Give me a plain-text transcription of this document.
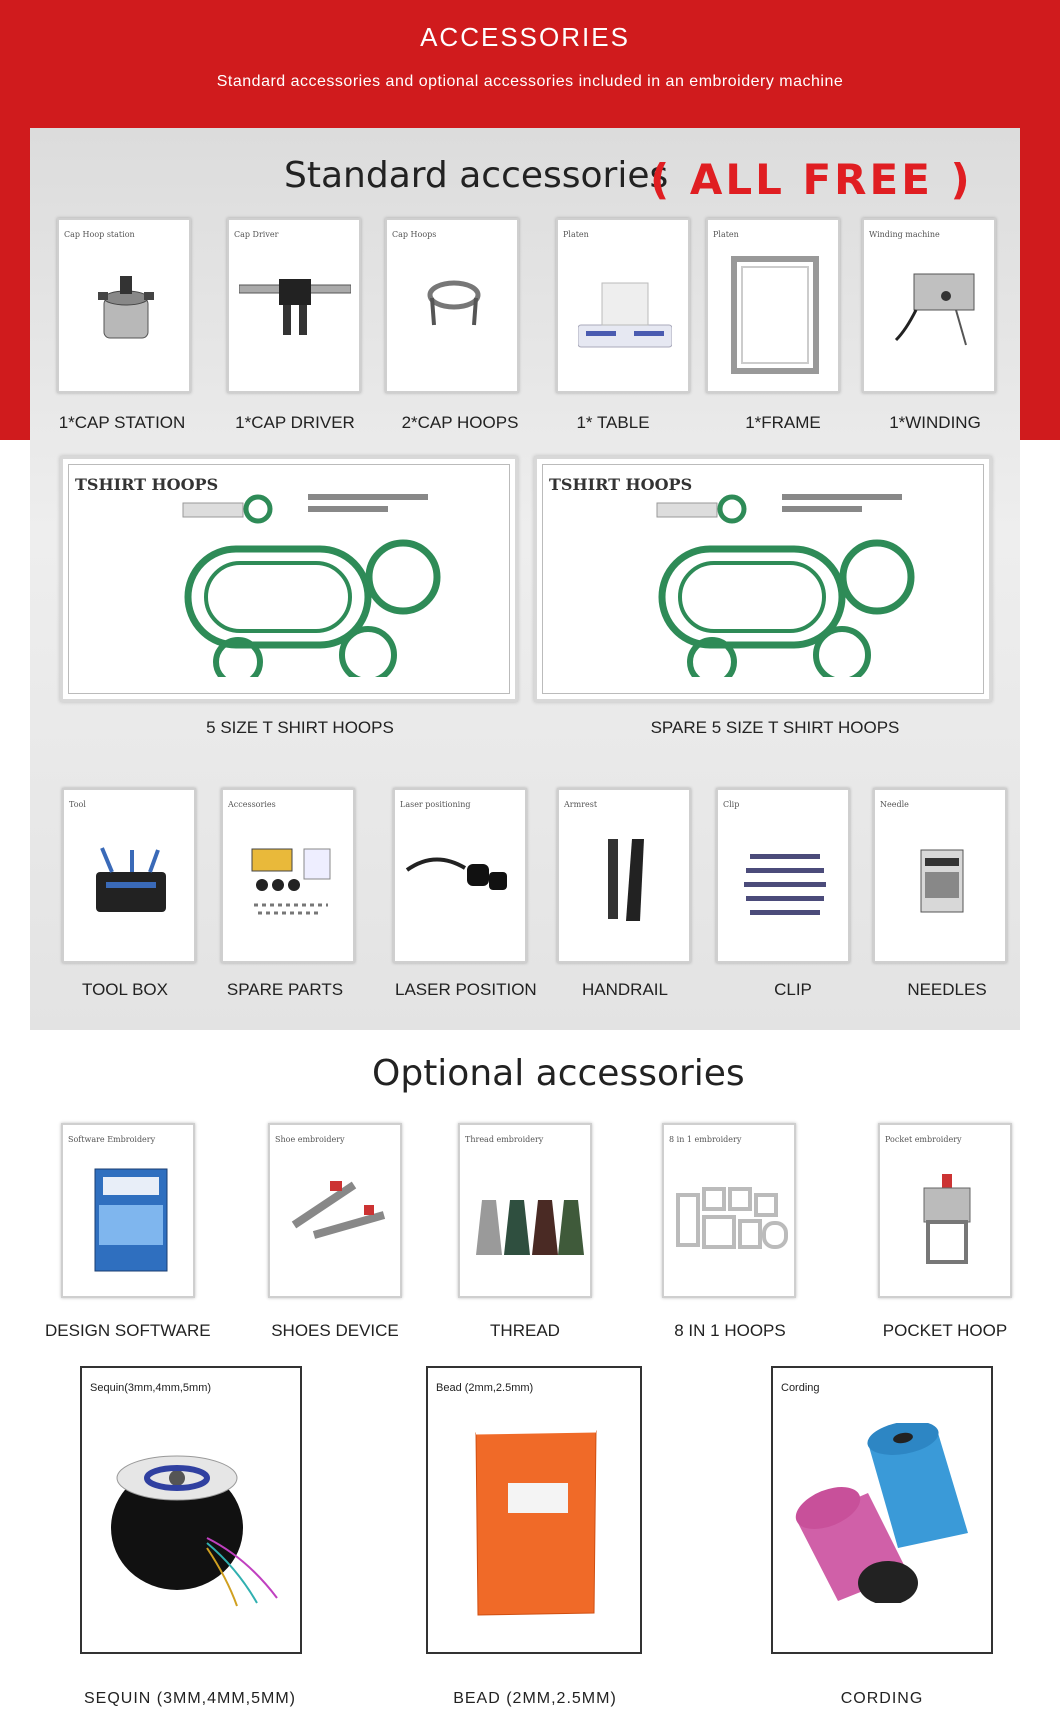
ACCESSORIES
Standard accessories and optional accessories included in an embroidery machine
Standard accessories
( ALL FREE )
Cap Hoop station
1*CAP STATION
Cap Driver
1*CAP DRIVER
Cap Hoops
2*CAP HOOPS
Platen
1* TABLE
Platen
1*FRAME
Winding machine
1*WINDING
TSHIRT HOOPS
5 SIZE T SHIRT HOOPS
TSHIRT HOOPS
SPARE 5 SIZE T SHIRT HOOPS
Tool
TOOL BOX
Accessories
SPARE PARTS
Laser positioning
LASER POSITION
Armrest
HANDRAIL
Clip
CLIP
Needle
NEEDLES
Optional accessories
Software Embroidery
DESIGN SOFTWARE
Shoe embroidery
SHOES DEVICE
Thread embroidery
THREAD
8 in 1 embroidery
8 IN 1 HOOPS
Pocket embroidery
POCKET HOOP
Sequin(3mm,4mm,5mm)
SEQUIN (3MM,4MM,5MM)
Bead (2mm,2.5mm)
BEAD (2MM,2.5MM)
Cording
CORDING
